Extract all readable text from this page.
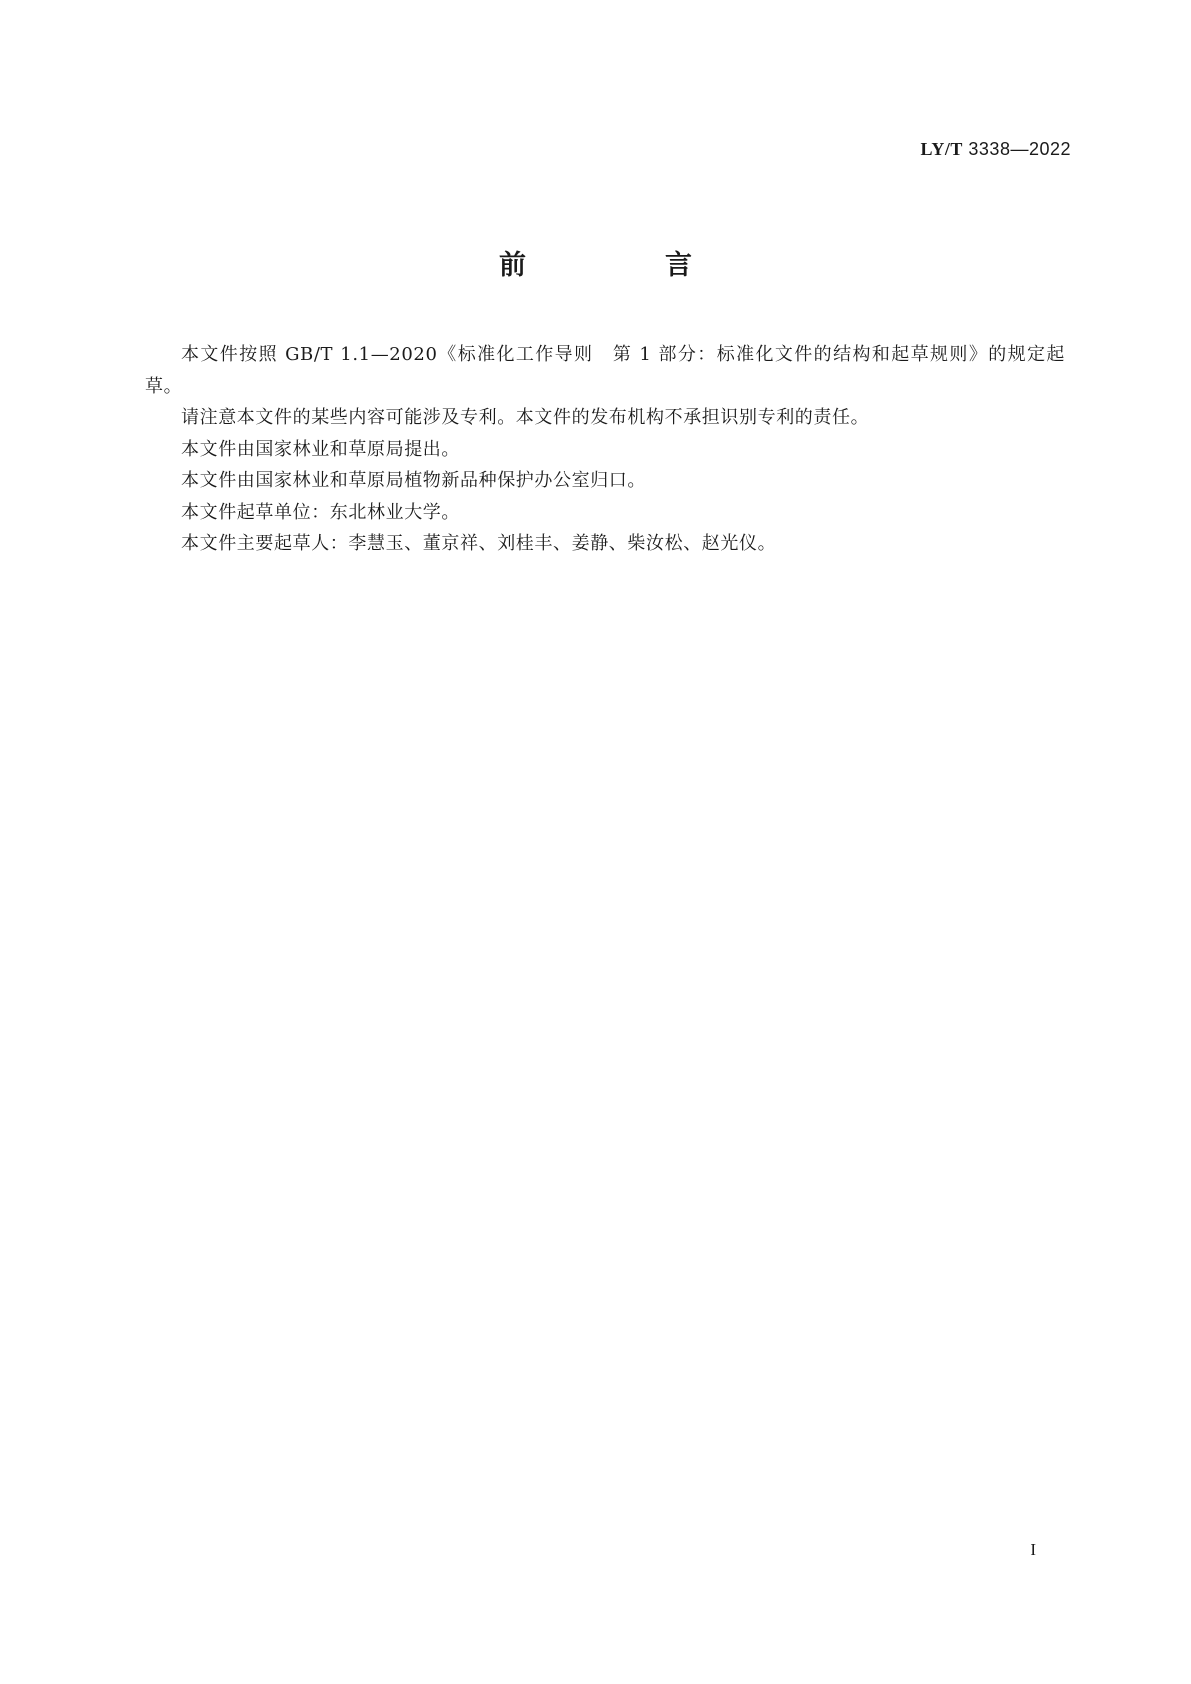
LY/T 3338—2022
前　言

本文件按照 GB/T 1.1—2020《标准化工作导则　第 1 部分：标准化文件的结构和起草规则》的规定起草。

请注意本文件的某些内容可能涉及专利。本文件的发布机构不承担识别专利的责任。

本文件由国家林业和草原局提出。

本文件由国家林业和草原局植物新品种保护办公室归口。

本文件起草单位：东北林业大学。

本文件主要起草人：李慧玉、董京祥、刘桂丰、姜静、柴汝松、赵光仪。

I
